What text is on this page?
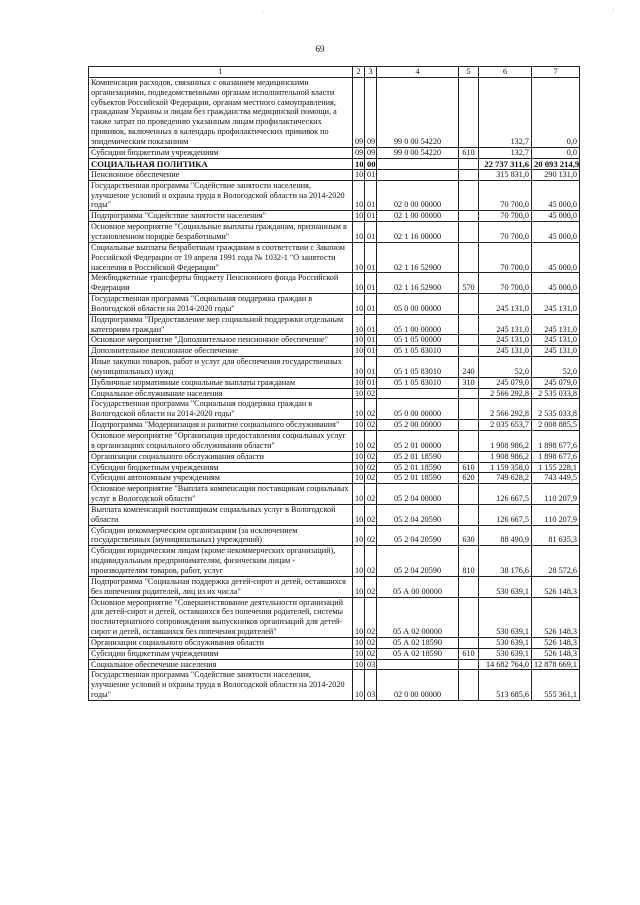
69
·	·
1	2	3	4	5	6	7
Компенсация расходов, связанных с оказанием медицинскими организациями, подведомственными органам исполнительной власти субъектов Российской Федерации, органам местного самоуправления, гражданам Украины и лицам без гражданства медицинской помощи, а также затрат по проведению указанным лицам профилактических прививок, включенных в календарь профилактических прививок по эпидемическим показаниям	09	09	99 0 00 54220		132,7	0,0
Субсидии бюджетным учреждениям	09	09	99 0 00 54220	610	132,7	0,0
СОЦИАЛЬНАЯ ПОЛИТИКА	10	00			22 737 311,6	20 093 214,9
Пенсионное обеспечение	10	01			315 831,0	290 131,0
Государственная программа "Содействие занятости населения, улучшение условий и охраны труда в Вологодской области на 2014-2020 годы"	10	01	02 0 00 00000		70 700,0	45 000,0
Подпрограмма "Содействие занятости населения"	10	01	02 1 00 00000		70 700,0	45 000,0
Основное мероприятие "Социальные выплаты гражданам, признанным в установленном порядке безработными"	10	01	02 1 16 00000		70 700,0	45 000,0
Социальные выплаты безработным гражданам в соответствии с Законом Российской Федерации от 19 апреля 1991 года № 1032-1 "О занятости населения в Российской Федерации"	10	01	02 1 16 52900		70 700,0	45 000,0
Межбюджетные трансферты бюджету Пенсионного фонда Российской Федерации	10	01	02 1 16 52900	570	70 700,0	45 000,0
Государственная программа "Социальная поддержка граждан в Вологодской области на 2014-2020 годы"	10	01	05 0 00 00000		245 131,0	245 131,0
Подпрограмма "Предоставление мер социальной поддержки отдельным категориям граждан"	10	01	05 1 00 00000		245 131,0	245 131,0
Основное мероприятие "Дополнительное пенсионное обеспечение"	10	01	05 1 05 00000		245 131,0	245 131,0
Дополнительное пенсионное обеспечение	10	01	05 1 05 83010		245 131,0	245 131,0
Иные закупки товаров, работ и услуг для обеспечения государственных (муниципальных) нужд	10	01	05 1 05 83010	240	52,0	52,0
Публичные нормативные социальные выплаты гражданам	10	01	05 1 05 83010	310	245 079,0	245 079,0
Социальное обслуживание населения	10	02			2 566 292,8	2 535 033,8
Государственная программа "Социальная поддержка граждан в Вологодской области на 2014-2020 годы"	10	02	05 0 00 00000		2 566 292,8	2 535 033,8
Подпрограмма "Модернизация и развитие социального обслуживания"	10	02	05 2 00 00000		2 035 653,7	2 008 885,5
Основное мероприятие "Организация предоставления социальных услуг в организациях социального обслуживания области"	10	02	05 2 01 00000		1 908 986,2	1 898 677,6
Организации социального обслуживания области	10	02	05 2 01 18590		1 908 986,2	1 898 677,6
Субсидии бюджетным учреждениям	10	02	05 2 01 18590	610	1 159 358,0	1 155 228,1
Субсидии автономным учреждениям	10	02	05 2 01 18590	620	749 628,2	743 449,5
Основное мероприятие "Выплата компенсации поставщикам социальных услуг в Вологодской области"	10	02	05 2 04 00000		126 667,5	110 207,9
Выплата компенсаций поставщикам социальных услуг в Вологодской области	10	02	05 2 04 20590		126 667,5	110 207,9
Субсидии некоммерческим организациям (за исключением государственных (муниципальных) учреждений)	10	02	05 2 04 20590	630	88 490,9	81 635,3
Субсидии юридическим лицам (кроме некоммерческих организаций), индивидуальным предпринимателям, физическим лицам - производителям товаров, работ, услуг	10	02	05 2 04 20590	810	38 176,6	28 572,6
Подпрограмма "Социальная поддержка детей-сирот и детей, оставшихся без попечения родителей, лиц из их числа"	10	02	05 А 00 00000		530 639,1	526 148,3
Основное мероприятие "Совершенствование деятельности организаций для детей-сирот и детей, оставшихся без попечения родителей, системы постинтернатного сопровождения выпускников организаций для детей-сирот и детей, оставшихся без попечения родителей"	10	02	05 А 02 00000		530 639,1	526 148,3
Организации социального обслуживания области	10	02	05 А 02 18590		530 639,1	526 148,3
Субсидии бюджетным учреждениям	10	02	05 А 02 18590	610	530 639,1	526 148,3
Социальное обеспечение населения	10	03			14 682 764,0	12 878 669,1
Государственная программа "Содействие занятости населения, улучшение условий и охраны труда в Вологодской области на 2014-2020 годы"	10	03	02 0 00 00000		513 685,6	555 361,1
